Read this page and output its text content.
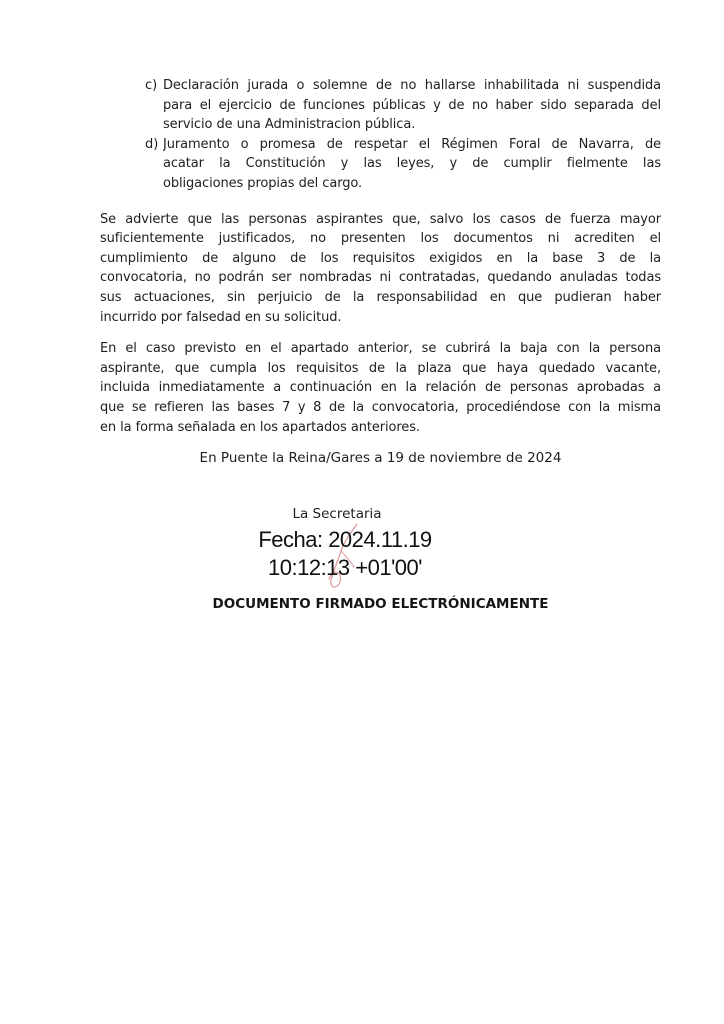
c) Declaración jurada o solemne de no hallarse inhabilitada ni suspendida
para el ejercicio de funciones públicas y de no haber sido separada del
servicio de una Administracion pública.
d) Juramento o promesa de respetar el Régimen Foral de Navarra, de
acatar la Constitución y las leyes, y de cumplir fielmente las
obligaciones propias del cargo.
Se advierte que las personas aspirantes que, salvo los casos de fuerza mayor
suficientemente justificados, no presenten los documentos ni acrediten el
cumplimiento de alguno de los requisitos exigidos en la base 3 de la
convocatoria, no podrán ser nombradas ni contratadas, quedando anuladas todas
sus actuaciones, sin perjuicio de la responsabilidad en que pudieran haber
incurrido por falsedad en su solicitud.
En el caso previsto en el apartado anterior, se cubrirá la baja con la persona
aspirante, que cumpla los requisitos de la plaza que haya quedado vacante,
incluida inmediatamente a continuación en la relación de personas aprobadas a
que se refieren las bases 7 y 8 de la convocatoria, procediéndose con la misma
en la forma señalada en los apartados anteriores.
En Puente la Reina/Gares a 19 de noviembre de 2024
La Secretaria
Fecha: 2024.11.19
10:12:13 +01'00'
DOCUMENTO FIRMADO ELECTRÓNICAMENTE
